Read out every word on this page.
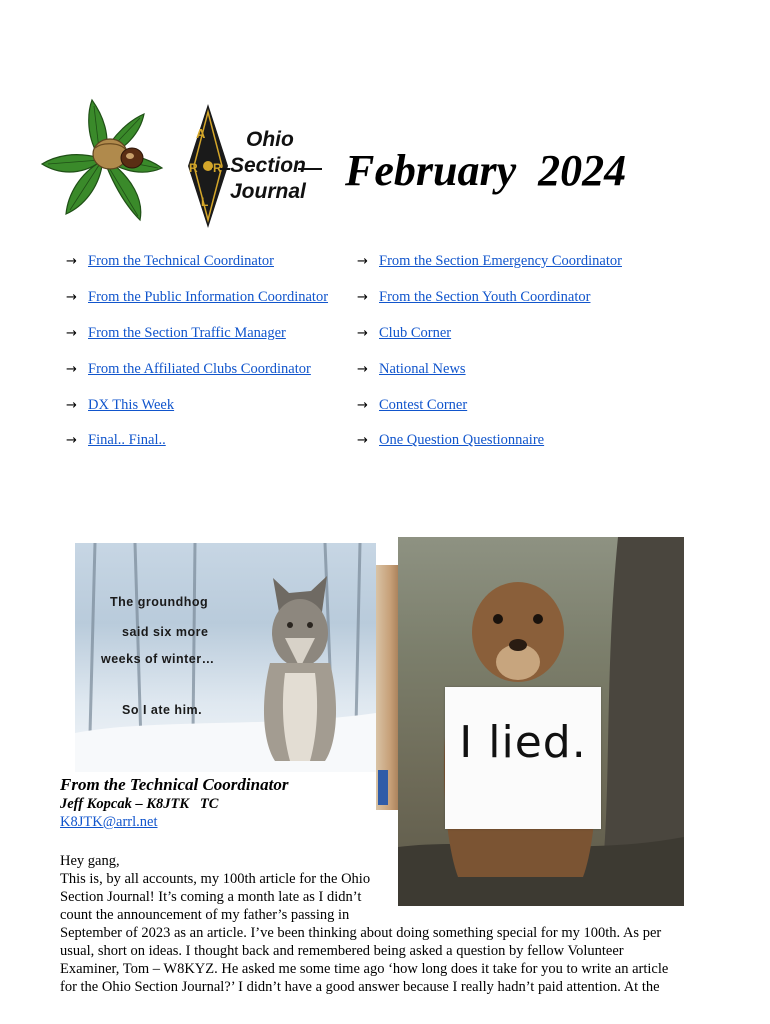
A
R R
L
Ohio
Section
Journal February  2024
→ From the Technical Coordinator
→ From the Public Information Coordinator
→ From the Section Traffic Manager
→ From the Affiliated Clubs Coordinator
→ DX This Week
→ Final.. Final..
→ From the Section Emergency Coordinator
→ From the Section Youth Coordinator
→ Club Corner
→ National News
→ Contest Corner
→ One Question Questionnaire
The groundhog
said six more
weeks of winter…
So I ate him.
I lied.
From the Technical Coordinator
Jeff Kopcak – K8JTK   TC
K8JTK@arrl.net
Hey gang,
This is, by all accounts, my 100th article for the Ohio
Section Journal! It’s coming a month late as I didn’t
count the announcement of my father’s passing in
September of 2023 as an article. I’ve been thinking about doing something special for my 100th. As per
usual, short on ideas. I thought back and remembered being asked a question by fellow Volunteer
Examiner, Tom – W8KYZ. He asked me some time ago ‘how long does it take for you to write an article
for the Ohio Section Journal?’ I didn’t have a good answer because I really hadn’t paid attention. At the
